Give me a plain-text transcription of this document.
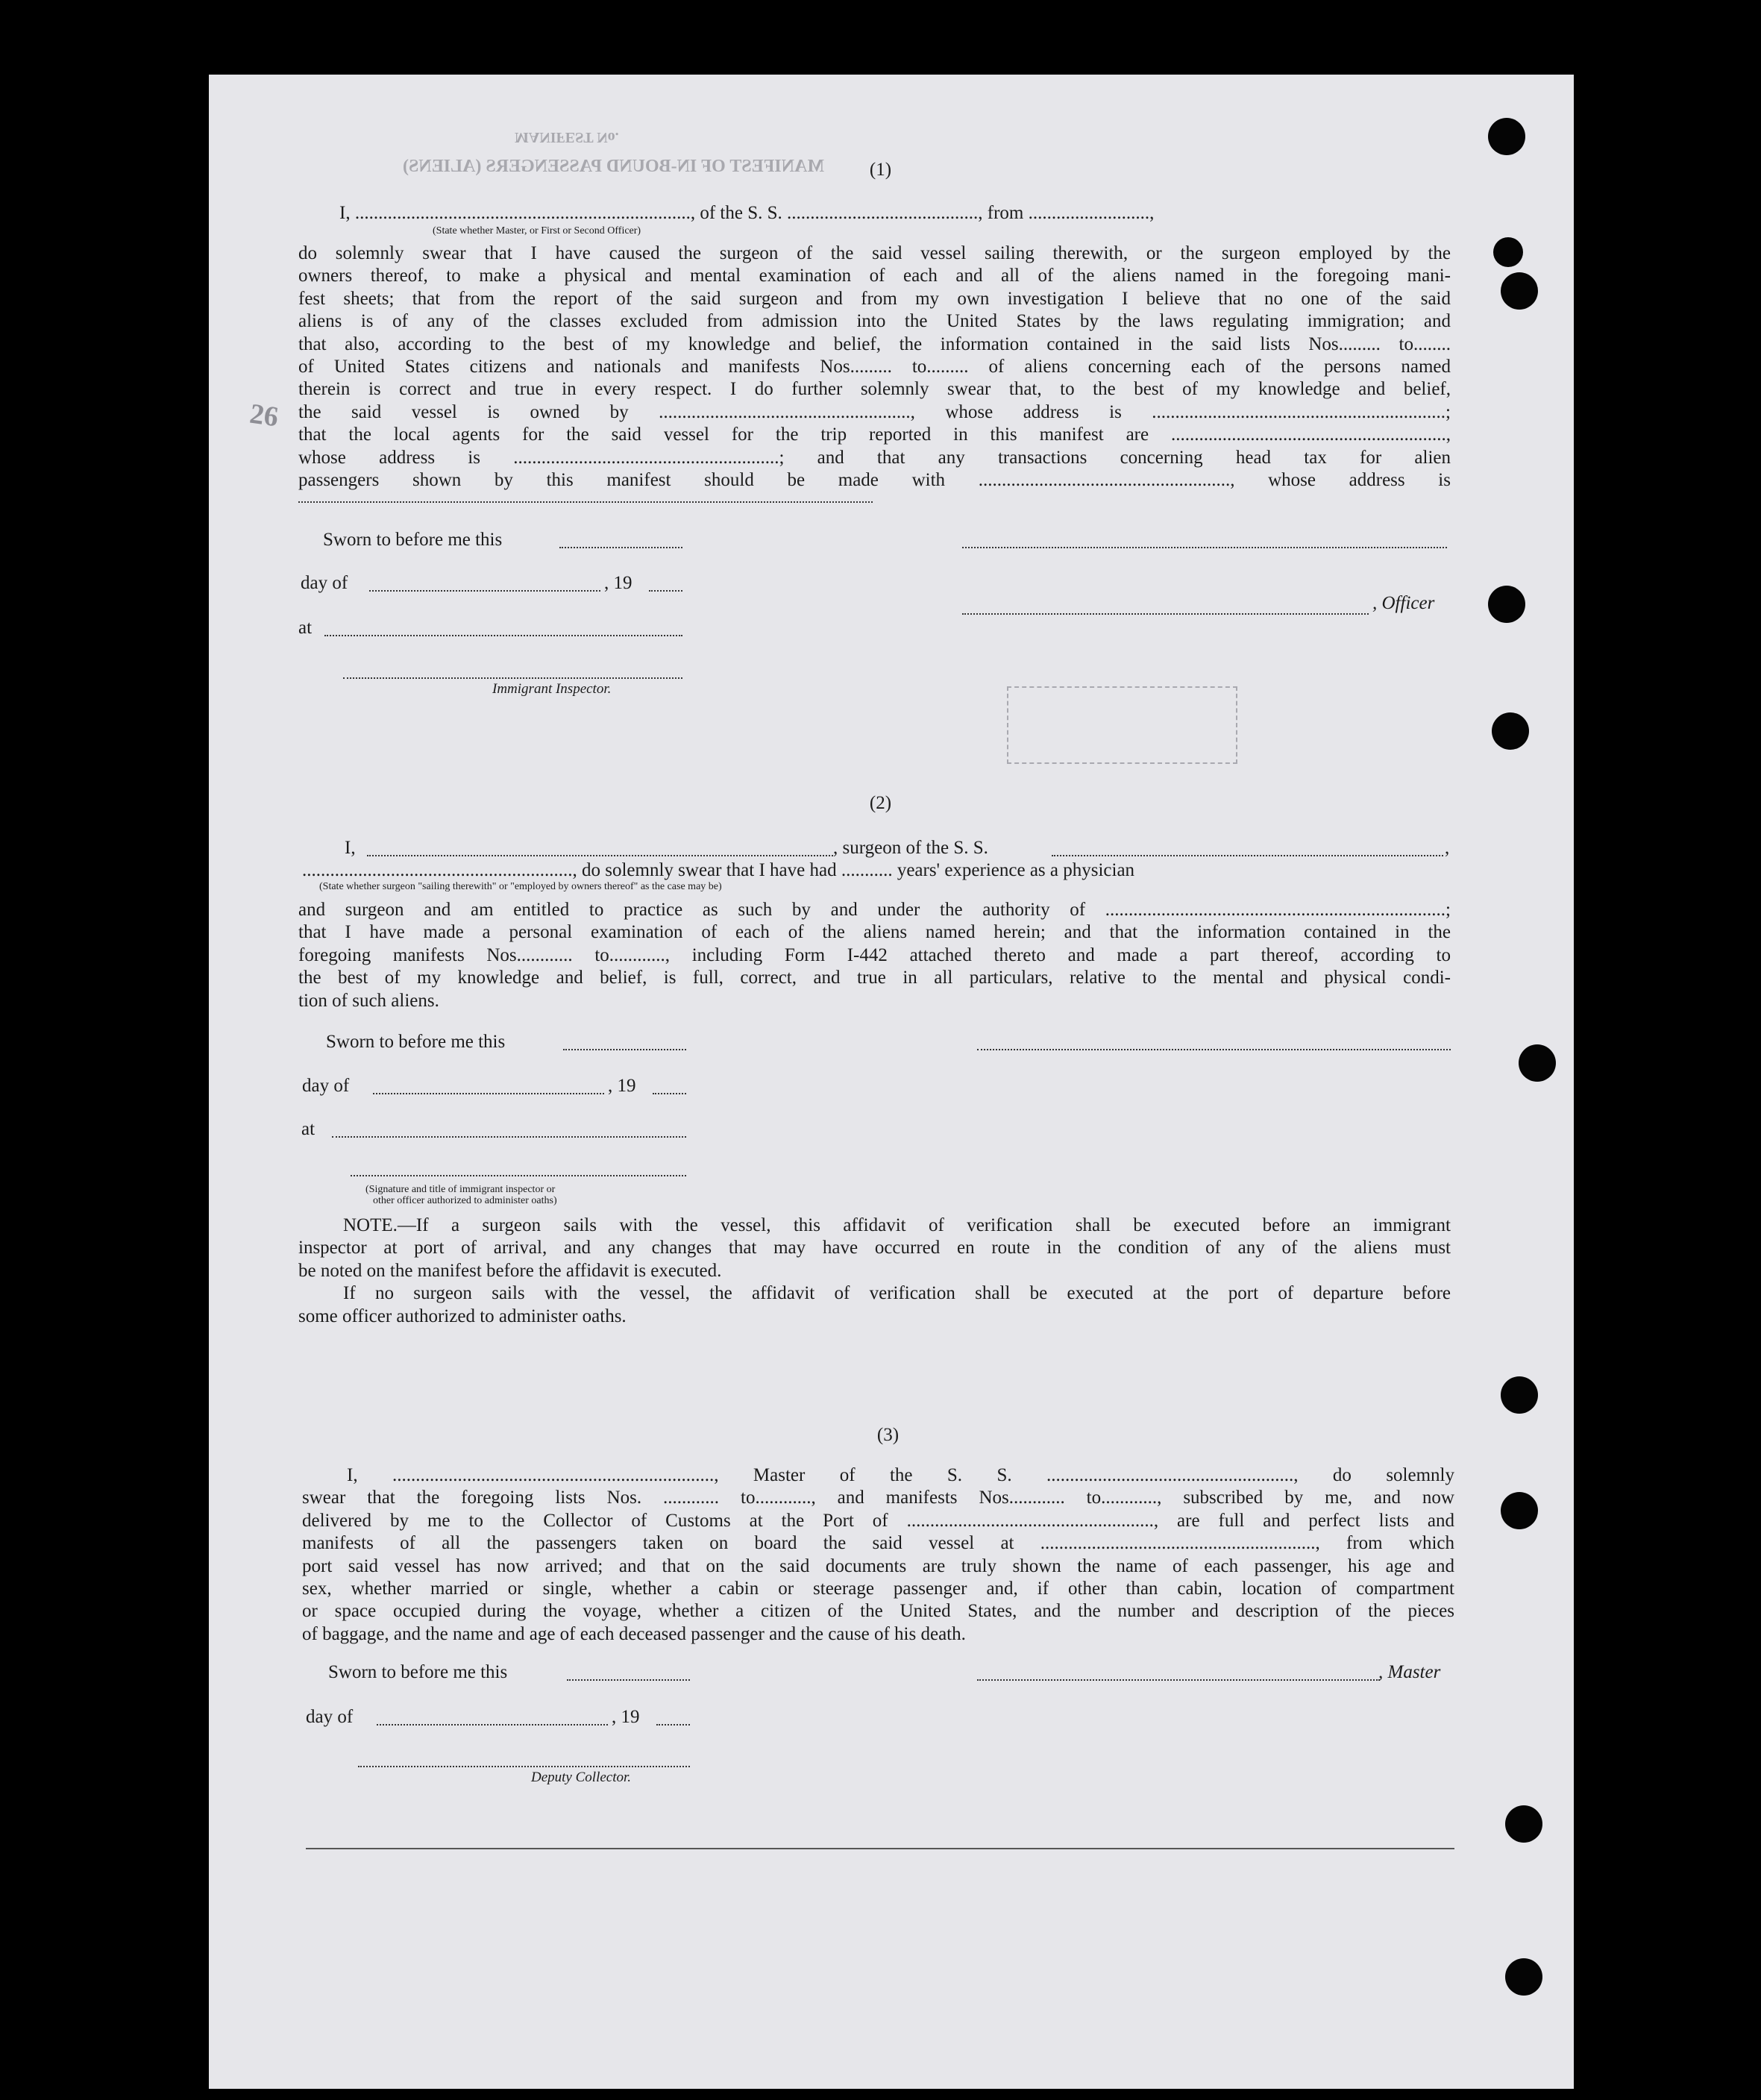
MANIFEST No.
MANIFEST OF IN-BOUND PASSENGERS (ALIENS)
26
(1)
I, ........................................................................, of the S. S. ........................................., from ..........................,
(State whether Master, or First or Second Officer)

do solemnly swear that I have caused the surgeon of the said vessel sailing therewith, or the surgeon employed by the

owners thereof, to make a physical and mental examination of each and all of the aliens named in the foregoing mani-

fest sheets; that from the report of the said surgeon and from my own investigation I believe that no one of the said

aliens is of any of the classes excluded from admission into the United States by the laws regulating immigration; and

that also, according to the best of my knowledge and belief, the information contained in the said lists Nos......... to........

of United States citizens and nationals and manifests Nos......... to......... of aliens concerning each of the persons named

therein is correct and true in every respect. I do further solemnly swear that, to the best of my knowledge and belief,

the said vessel is owned by ......................................................, whose address is ...............................................................;

that the local agents for the said vessel for the trip reported in this manifest are ...........................................................,

whose address is .........................................................; and that any transactions concerning head tax for alien

passengers shown by this manifest should be made with ......................................................, whose address is

Sworn to before me this
day of	, 19
, Officer
at
Immigrant Inspector.
(2)
I,	, surgeon of the S. S.	,
.........................................................., do solemnly swear that I have had ........... years' experience as a physician
(State whether surgeon "sailing therewith" or "employed by owners thereof" as the case may be)

and surgeon and am entitled to practice as such by and under the authority of .........................................................................;

that I have made a personal examination of each of the aliens named herein; and that the information contained in the

foregoing manifests Nos............ to............, including Form I-442 attached thereto and made a part thereof, according to

the best of my knowledge and belief, is full, correct, and true in all particulars, relative to the mental and physical condi-

tion of such aliens.

Sworn to before me this
day of	, 19
at
(Signature and title of immigrant inspector or
other officer authorized to administer oaths)

NOTE.—If a surgeon sails with the vessel, this affidavit of verification shall be executed before an immigrant

inspector at port of arrival, and any changes that may have occurred en route in the condition of any of the aliens must

be noted on the manifest before the affidavit is executed.

If no surgeon sails with the vessel, the affidavit of verification shall be executed at the port of departure before

some officer authorized to administer oaths.

(3)

I, ....................................................................., Master of the S. S. ....................................................., do solemnly

swear that the foregoing lists Nos. ............ to............, and manifests Nos............ to............, subscribed by me, and now

delivered by me to the Collector of Customs at the Port of ....................................................., are full and perfect lists and

manifests of all the passengers taken on board the said vessel at ..........................................................., from which

port said vessel has now arrived; and that on the said documents are truly shown the name of each passenger, his age and

sex, whether married or single, whether a cabin or steerage passenger and, if other than cabin, location of compartment

or space occupied during the voyage, whether a citizen of the United States, and the number and description of the pieces

of baggage, and the name and age of each deceased passenger and the cause of his death.

Sworn to before me this	, Master
day of	, 19
Deputy Collector.
